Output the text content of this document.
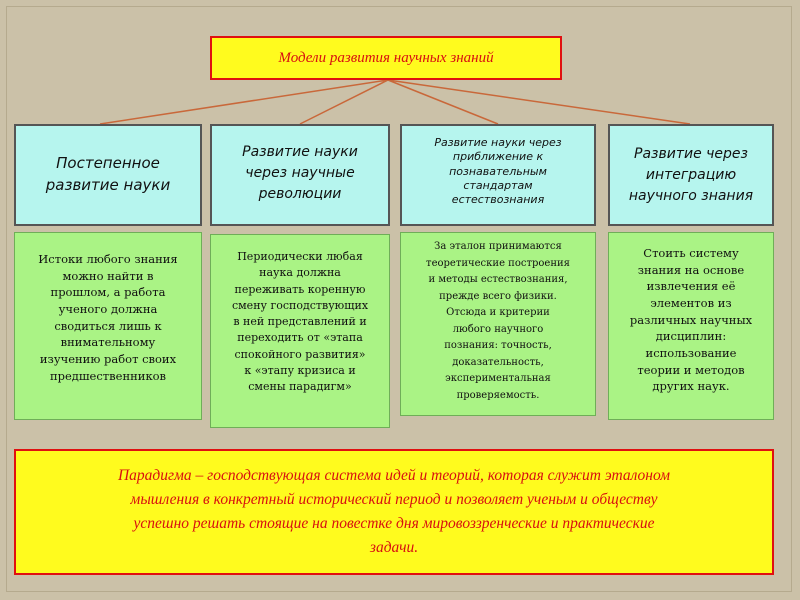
Модели развития научных знаний
Постепенное
развитие науки
Развитие науки
через научные
революции
Развитие науки через
приближение к
познавательным
стандартам
естествознания
Развитие через
интеграцию
научного знания
Истоки любого знания
можно найти в
прошлом, а работа
ученого должна
сводиться лишь к
внимательному
изучению работ своих
предшественников
Периодически любая
наука должна
переживать коренную
смену господствующих
в ней представлений и
переходить от «этапа
спокойного развития»
к «этапу кризиса и
смены парадигм»
За эталон принимаются
теоретические построения
и методы естествознания,
прежде всего физики.
Отсюда и критерии
любого научного
познания: точность,
доказательность,
экспериментальная
проверяемость.
Стоить систему
знания на основе
извлечения её
элементов из
различных научных
дисциплин:
использование
теории и методов
других наук.
Парадигма – господствующая система идей и теорий, которая служит эталоном
мышления в конкретный исторический период и позволяет ученым и обществу
успешно решать стоящие на повестке дня мировоззренческие и практические
задачи.
